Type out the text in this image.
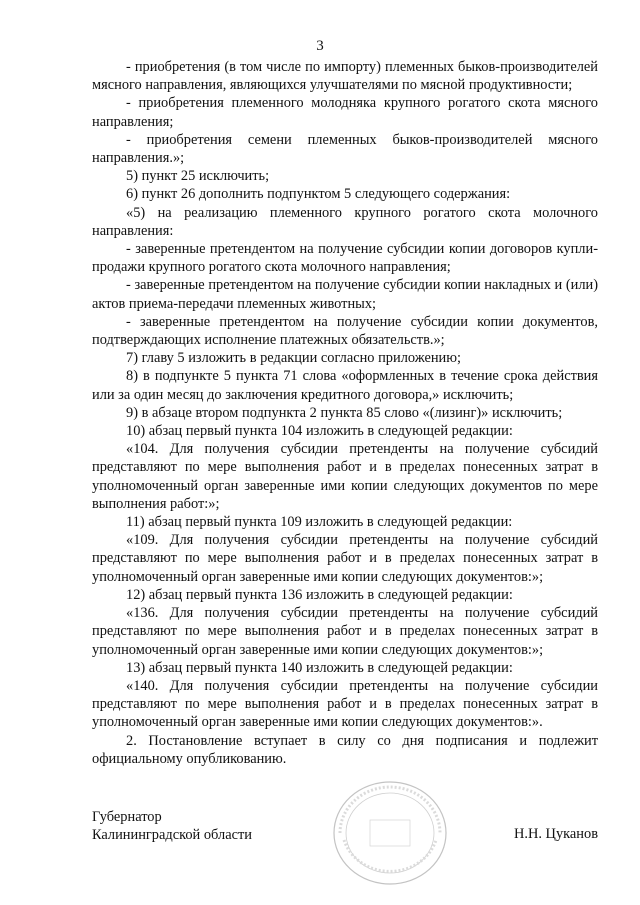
3

- приобретения (в том числе по импорту) племенных быков-производителей мясного направления, являющихся улучшателями по мясной продуктивности;

- приобретения племенного молодняка крупного рогатого скота мясного направления;

- приобретения семени племенных быков-производителей мясного направления.»;

5) пункт 25 исключить;

6) пункт 26 дополнить подпунктом 5 следующего содержания:

«5) на реализацию племенного крупного рогатого скота молочного направления:

- заверенные претендентом на получение субсидии копии договоров купли-продажи крупного рогатого скота молочного направления;

- заверенные претендентом на получение субсидии копии накладных и (или) актов приема-передачи племенных животных;

- заверенные претендентом на получение субсидии копии документов, подтверждающих исполнение платежных обязательств.»;

7) главу 5 изложить в редакции согласно приложению;

8) в подпункте 5 пункта 71 слова «оформленных в течение срока действия или за один месяц до заключения кредитного договора,» исключить;

9) в абзаце втором подпункта 2 пункта 85 слово «(лизинг)» исключить;

10) абзац первый пункта 104 изложить в следующей редакции:

«104. Для получения субсидии претенденты на получение субсидий представляют по мере выполнения работ и в пределах понесенных затрат в уполномоченный орган заверенные ими копии следующих документов по мере выполнения работ:»;

11) абзац первый пункта 109 изложить в следующей редакции:

«109. Для получения субсидии претенденты на получение субсидий представляют по мере выполнения работ и в пределах понесенных затрат в уполномоченный орган заверенные ими копии следующих документов:»;

12) абзац первый пункта 136 изложить в следующей редакции:

«136. Для получения субсидии претенденты на получение субсидий представляют по мере выполнения работ и в пределах понесенных затрат в уполномоченный орган заверенные ими копии следующих документов:»;

13) абзац первый пункта 140 изложить в следующей редакции:

«140. Для получения субсидии претенденты на получение субсидии представляют по мере выполнения работ и в пределах понесенных затрат в уполномоченный орган заверенные ими копии следующих документов:».

2. Постановление вступает в силу со дня подписания и подлежит официальному опубликованию.

Губернатор
Калининградской области	Н.Н. Цуканов
